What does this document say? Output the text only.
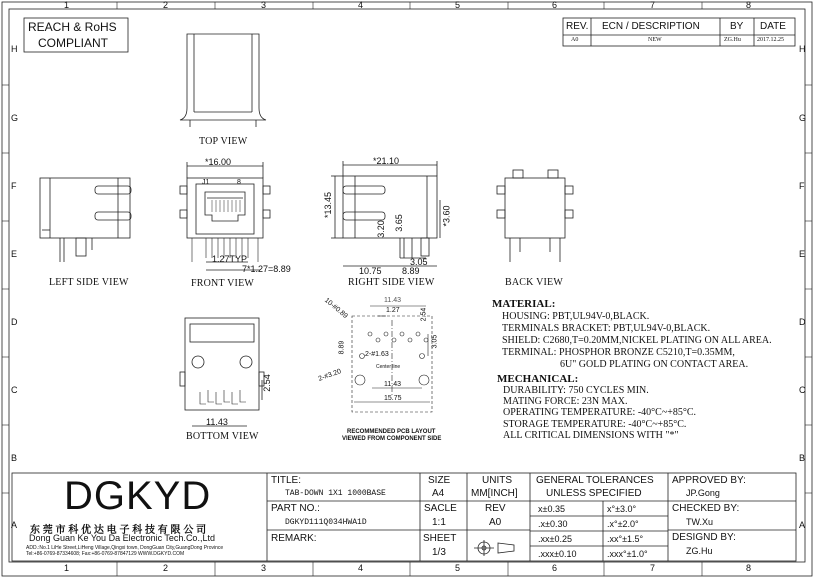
1	2	3	4	5	6	7	8
1	2	3	4	5	6	7	8
H
G
F
E
D
C
B
A
H
G
F
E
D
C
B
A
REACH & RoHS
COMPLIANT
REV. ECN / DESCRIPTION	BY DATE
A0	NEW	ZG.Hu	2017.12.25
TOP VIEW
LEFT SIDE VIEW	FRONT VIEW	RIGHT SIDE VIEW	BACK VIEW
BOTTOM VIEW	RECOMMENDED PCB LAYOUT
VIEWED FROM COMPONENT SIDE
*16.00
J1	8
1.27TYP
7*1.27=8.89
*21.10
*13.45
3.65
3.20
*3.60
3.05
10.75 8.89
2.54
11.43
11.43
1.27	2.54
10-#0.89
8.89
2-#1.63
3.05
2-#3.20
Center line
11.43
15.75
MATERIAL:
HOUSING: PBT,UL94V-0,BLACK.
TERMINALS BRACKET: PBT,UL94V-0,BLACK.
SHIELD: C2680,T=0.20MM,NICKEL PLATING ON ALL AREA.
TERMINAL: PHOSPHOR BRONZE C5210,T=0.35MM,
6U" GOLD PLATING ON CONTACT AREA.
MECHANICAL:
DURABILITY: 750 CYCLES MIN.
MATING FORCE: 23N MAX.
OPERATING TEMPERATURE: -40°C~+85°C.
STORAGE TEMPERATURE: -40°C~+85°C.
ALL CRITICAL DIMENSIONS WITH "*"
DGKYD
东 莞 市 科 优 达 电 子 科 技 有 限 公 司
Dong Guan Ke You Da Electronic Tech.Co.,Ltd
ADD.:No.1 LiHe Street,LiHeng Village,Qingxi town, DongGuan City,GuangDong Province
Tel:+86-0769-87334608; Fax:+86-0769-87847129 WWW.DGKYD.COM
TITLE:
TAB-DOWN 1X1 1000BASE
PART NO.:
DGKYD111Q034HWA1D
REMARK:
SIZE
A4
SACLE
1:1
SHEET
1/3
UNITS
MM[INCH]
REV
A0
GENERAL TOLERANCES
UNLESS SPECIFIED
x±0.35	x°±3.0°
.x±0.30	.x°±2.0°
.xx±0.25	.xx°±1.5°
.xxx±0.10	.xxx°±1.0°
APPROVED BY:
JP.Gong
CHECKED BY:
TW.Xu
DESIGND BY:
ZG.Hu
